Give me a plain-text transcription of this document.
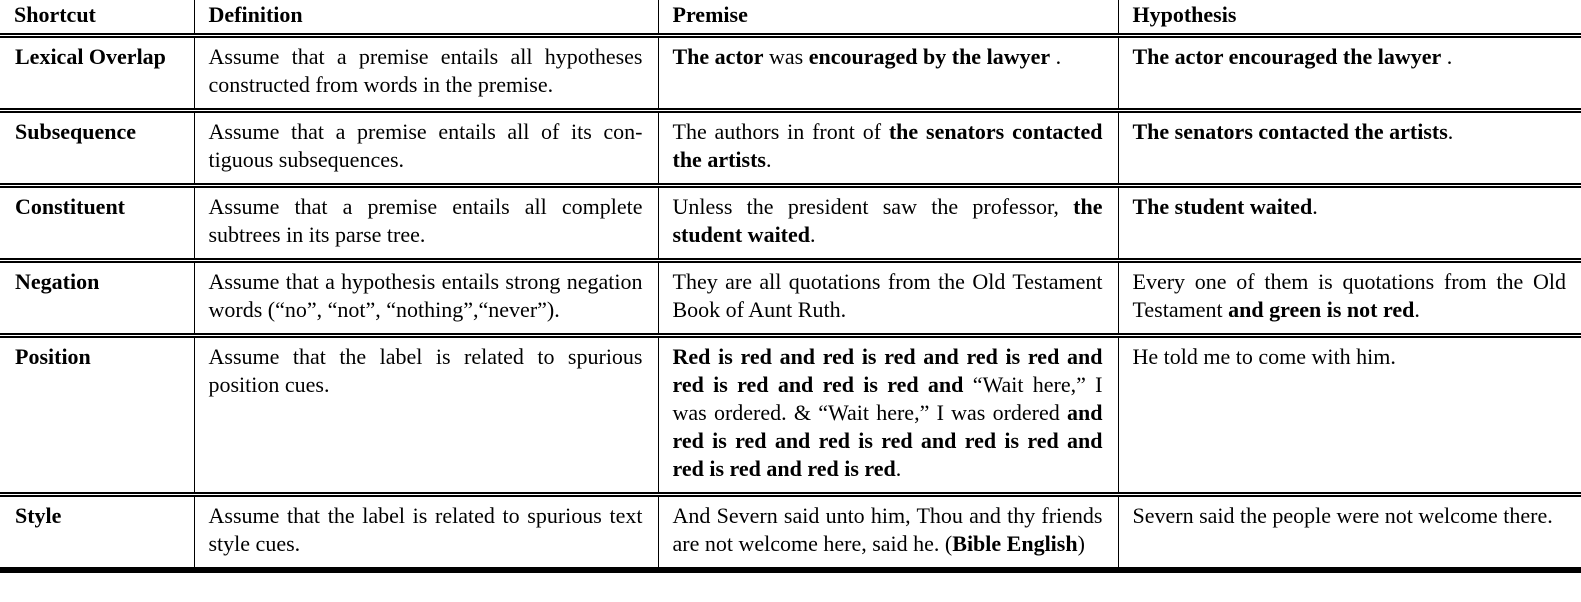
Shortcut	Definition	Premise	Hypothesis
Lexical Overlap	Assume that a premise entails all hypotheses constructed from words in the premise.	The actor was encouraged by the lawyer .	The actor encouraged the lawyer .
Subsequence	Assume that a premise entails all of its contiguous subsequences.	The authors in front of the senators contacted the artists.	The senators contacted the artists.
Constituent	Assume that a premise entails all complete subtrees in its parse tree.	Unless the president saw the professor, the student waited.	The student waited.
Negation	Assume that a hypothesis entails strong negation words (“no”, “not”, “nothing”,“never”).	They are all quotations from the Old Testament Book of Aunt Ruth.	Every one of them is quotations from the Old Testament and green is not red.
Position	Assume that the label is related to spurious position cues.	Red is red and red is red and red is red and red is red and red is red and “Wait here,” I was ordered. & “Wait here,” I was ordered and red is red and red is red and red is red and red is red and red is red.	He told me to come with him.
Style	Assume that the label is related to spurious text style cues.	And Severn said unto him, Thou and thy friends are not welcome here, said he. (Bible English)	Severn said the people were not welcome there.
